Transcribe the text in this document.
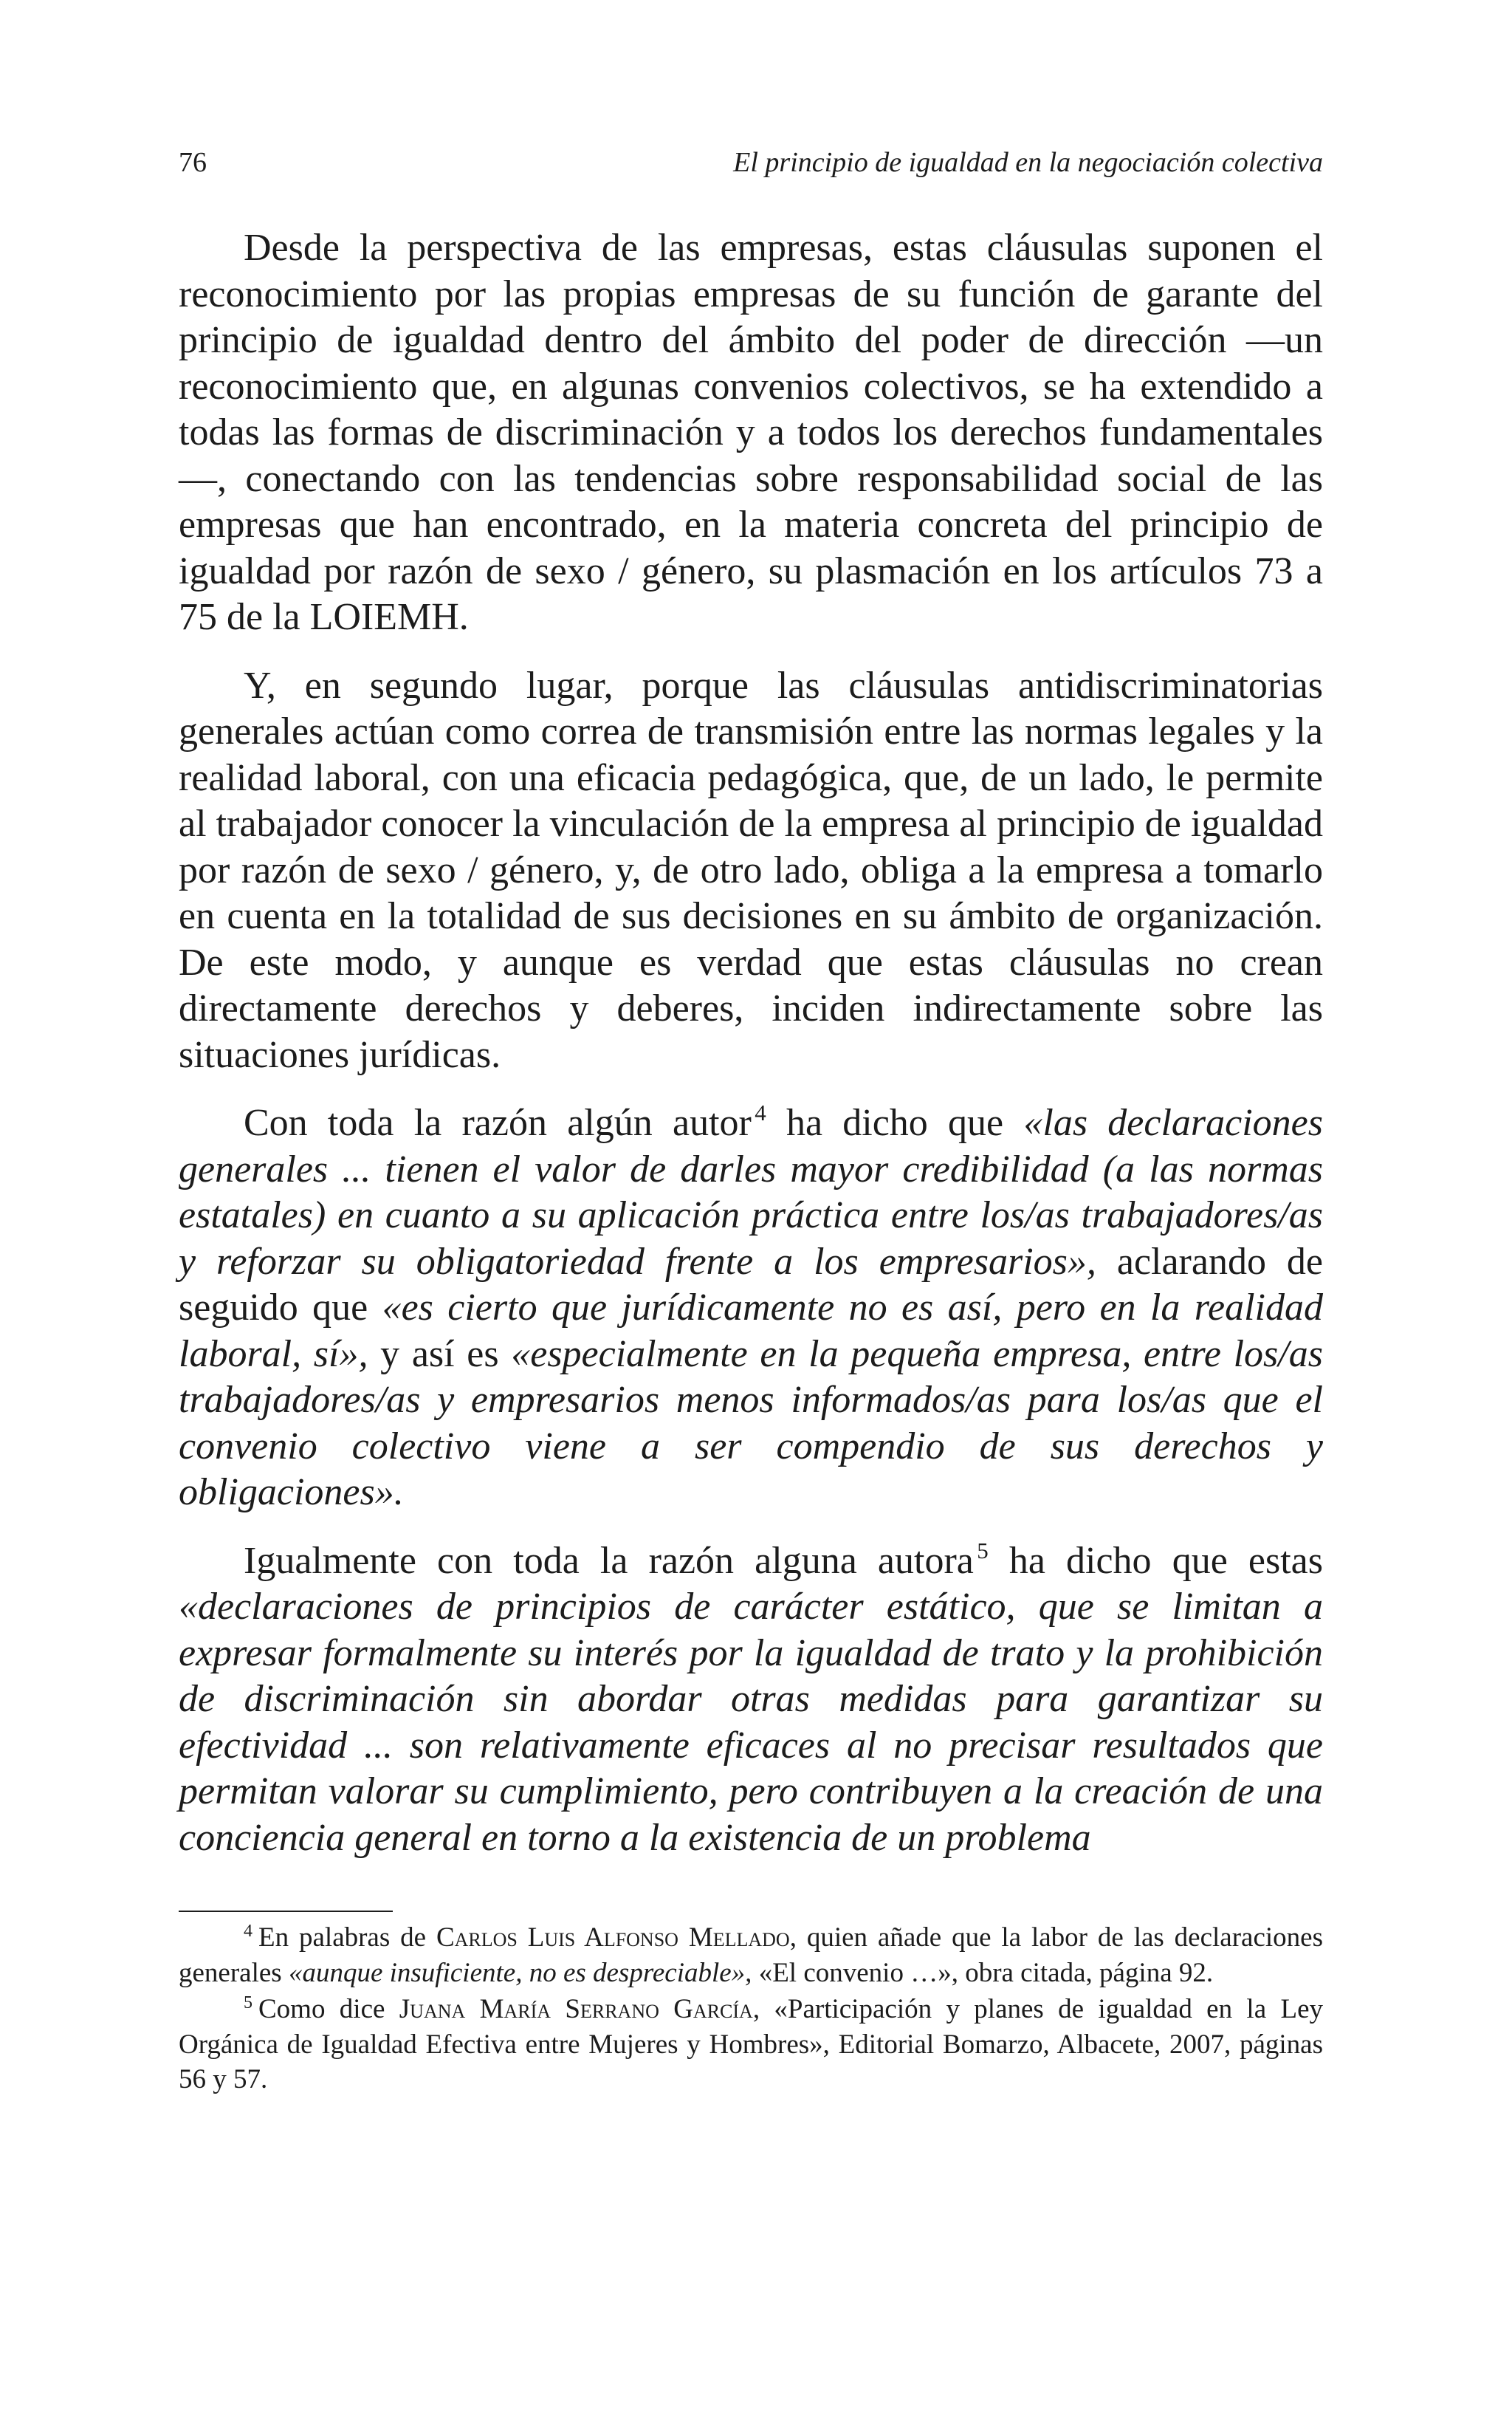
76	El principio de igualdad en la negociación colectiva

Desde la perspectiva de las empresas, estas cláusulas suponen el reconocimiento por las propias empresas de su función de garante del principio de igualdad dentro del ámbito del poder de dirección —un reconocimiento que, en algunas convenios colectivos, se ha extendido a todas las formas de discriminación y a todos los derechos fundamentales—, conectando con las tendencias sobre responsabilidad social de las empresas que han encontrado, en la materia concreta del principio de igualdad por razón de sexo / género, su plasmación en los artículos 73 a 75 de la LOIEMH.

Y, en segundo lugar, porque las cláusulas antidiscriminatorias generales actúan como correa de transmisión entre las normas legales y la realidad laboral, con una eficacia pedagógica, que, de un lado, le permite al trabajador conocer la vinculación de la empresa al principio de igualdad por razón de sexo / género, y, de otro lado, obliga a la empresa a tomarlo en cuenta en la totalidad de sus decisiones en su ámbito de organización. De este modo, y aunque es verdad que estas cláusulas no crean directamente derechos y deberes, inciden indirectamente sobre las situaciones jurídicas.

Con toda la razón algún autor  $^4$ ha dicho que «las declaraciones generales ... tienen el valor de darles mayor credibilidad (a las normas estatales) en cuanto a su aplicación práctica entre los/as trabajadores/as y reforzar su obligatoriedad frente a los empresarios», aclarando de seguido que «es cierto que jurídicamente no es así, pero en la realidad laboral, sí», y así es «especialmente en la pequeña empresa, entre los/as trabajadores/as y empresarios menos informados/as para los/as que el convenio colectivo viene a ser compendio de sus derechos y obligaciones».

Igualmente con toda la razón alguna autora  $^5$ ha dicho que estas «declaraciones de principios de carácter estático, que se limitan a expresar formalmente su interés por la igualdad de trato y la prohibición de discriminación sin abordar otras medidas para garantizar su efectividad ... son relativamente eficaces al no precisar resultados que permitan valorar su cumplimiento, pero contribuyen a la creación de una conciencia general en torno a la existencia de un problema

$^4$ En palabras de Carlos Luis Alfonso Mellado, quien añade que la labor de las declaraciones generales «aunque insuficiente, no es despreciable», «El convenio …», obra citada, página 92.

$^5$ Como dice Juana María Serrano García, «Participación y planes de igualdad en la Ley Orgánica de Igualdad Efectiva entre Mujeres y Hombres», Editorial Bomarzo, Albacete, 2007, páginas 56 y 57.
